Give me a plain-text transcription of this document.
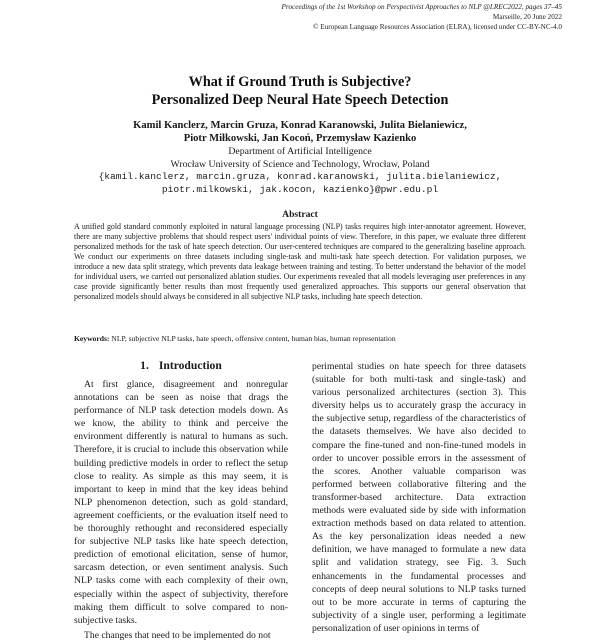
Proceedings of the 1st Workshop on Perspectivist Approaches to NLP @LREC2022, pages 37–45
Marseille, 20 June 2022
© European Language Resources Association (ELRA), licensed under CC-BY-NC-4.0
What if Ground Truth is Subjective?
Personalized Deep Neural Hate Speech Detection
Kamil Kanclerz, Marcin Gruza, Konrad Karanowski, Julita Bielaniewicz,
Piotr Miłkowski, Jan Kocoń, Przemysław Kazienko
Department of Artificial Intelligence
Wrocław University of Science and Technology, Wrocław, Poland
{kamil.kanclerz, marcin.gruza, konrad.karanowski, julita.bielaniewicz,
piotr.milkowski, jak.kocon, kazienko}@pwr.edu.pl
Abstract
A unified gold standard commonly exploited in natural language processing (NLP) tasks requires high inter-annotator agreement. However, there are many subjective problems that should respect users' individual points of view. Therefore, in this paper, we evaluate three different personalized methods for the task of hate speech detection. Our user-centered techniques are compared to the generalizing baseline approach. We conduct our experiments on three datasets including single-task and multi-task hate speech detection. For validation purposes, we introduce a new data split strategy, which prevents data leakage between training and testing. To better understand the behavior of the model for individual users, we carried out personalized ablation studies. Our experiments revealed that all models leveraging user preferences in any case provide significantly better results than most frequently used generalized approaches. This supports our general observation that personalized models should always be considered in all subjective NLP tasks, including hate speech detection.
Keywords: NLP, subjective NLP tasks, hate speech, offensive content, human bias, human representation
1. Introduction
At first glance, disagreement and nonregular annotations can be seen as noise that drags the performance of NLP task detection models down. As we know, the ability to think and perceive the environment differently is natural to humans as such. Therefore, it is crucial to include this observation while building predictive models in order to reflect the setup close to reality. As simple as this may seem, it is important to keep in mind that the key ideas behind NLP phenomenon detection, such as gold standard, agreement coefficients, or the evaluation itself need to be thoroughly rethought and reconsidered especially for subjective NLP tasks like hate speech detection, prediction of emotional elicitation, sense of humor, sarcasm detection, or even sentiment analysis. Such NLP tasks come with each complexity of their own, especially within the aspect of subjectivity, therefore making them difficult to solve compared to non-subjective tasks.
The changes that need to be implemented do not
perimental studies on hate speech for three datasets (suitable for both multi-task and single-task) and various personalized architectures (section 3). This diversity helps us to accurately grasp the accuracy in the subjective setup, regardless of the characteristics of the datasets themselves. We have also decided to compare the fine-tuned and non-fine-tuned models in order to uncover possible errors in the assessment of the scores. Another valuable comparison was performed between collaborative filtering and the transformer-based architecture. Data extraction methods were evaluated side by side with information extraction methods based on data related to attention. As the key personalization ideas needed a new definition, we have managed to formulate a new data split and validation strategy, see Fig. 3. Such enhancements in the fundamental processes and concepts of deep neural solutions to NLP tasks turned out to be more accurate in terms of capturing the subjectivity of a single user, performing a legitimate personalization of user opinions in terms of
